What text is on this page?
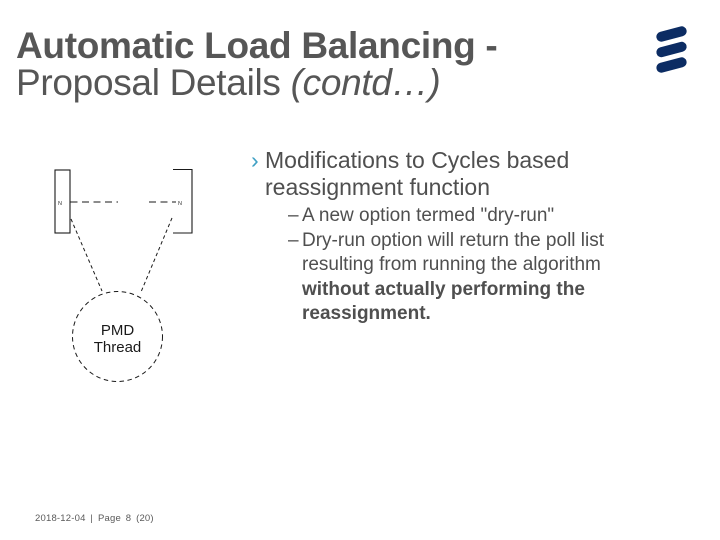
Automatic Load Balancing -
Proposal Details (contd…)
N	N
PMD
Thread
› Modifications to Cycles based reassignment function
– A new option termed "dry-run"
– Dry-run option will return the poll list resulting from running the algorithm without actually performing the reassignment.
2018-12-04 | Page 8 (20)
